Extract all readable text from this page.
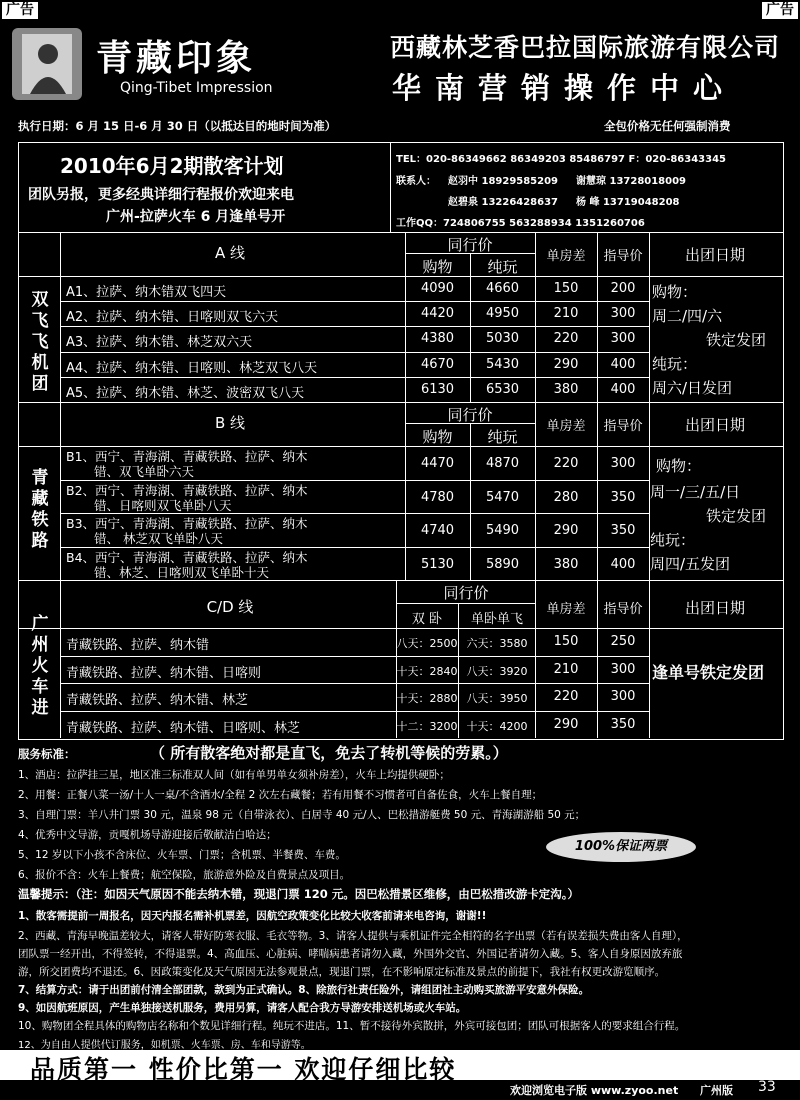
广告	广告
青藏印象
Qing-Tibet Impression
西藏林芝香巴拉国际旅游有限公司
华南营销操作中心
执行日期：6 月 15 日-6 月 30 日（以抵达目的地时间为准）	全包价格无任何强制消费
2010年6月2期散客计划
团队另报，更多经典详细行程报价欢迎来电
广州-拉萨火车 6 月逢单号开
TEL：020-86349662 86349203 85486797 F：020-86343345
联系人： 赵羽中 18929585209 谢慧琼 13728018009
赵碧泉 13226428637 杨 峰 13719048208
工作QQ：724806755 563288934 1351260706
A 线	同行价
购物	纯玩
单房差	指导价	出团日期
双飞飞机团
A1、拉萨、纳木错双飞四天	4090	4660	150	200
A2、拉萨、纳木错、日喀则双飞六天	4420	4950	210	300
A3、拉萨、纳木错、林芝双六天	4380	5030	220	300
A4、拉萨、纳木错、日喀则、林芝双飞八天	4670	5430	290	400
A5、拉萨、纳木错、林芝、波密双飞八天	6130	6530	380	400
购物：
周二/四/六
铁定发团
纯玩：
周六/日发团
B 线	同行价
购物	纯玩
单房差	指导价	出团日期
青藏铁路
B1、西宁、青海湖、青藏铁路、拉萨、纳木
错、双飞单卧六天
4470	4870	220	300
B2、西宁、青海湖、青藏铁路、拉萨、纳木
错、日喀则双飞单卧八天
4780	5470	280	350
B3、西宁、青海湖、青藏铁路、拉萨、纳木
错、 林芝双飞单卧八天
4740	5490	290	350
B4、西宁、青海湖、青藏铁路、拉萨、纳木
错、林芝、日喀则双飞单卧十天
5130	5890	380	400
购物：
周一/三/五/日
铁定发团
纯玩：
周四/五发团
C/D 线
同行价
双 卧	单卧单飞
单房差	指导价	出团日期
广州火车进
青藏铁路、拉萨、纳木错	八天：2500 六天：3580	150	250
青藏铁路、拉萨、纳木错、日喀则	十天：2840 八天：3920	210	300
青藏铁路、拉萨、纳木错、林芝	十天：2880 八天：3950	220	300
青藏铁路、拉萨、纳木错、日喀则、林芝	十二：3200 十天：4200	290	350
逢单号铁定发团
服务标准：	（ 所有散客绝对都是直飞，免去了转机等候的劳累。）
1、酒店：拉萨挂三星，地区准三标准双人间（如有单男单女须补房差），火车上均提供硬卧；
2、用餐：正餐八菜一汤/十人一桌/不含酒水/全程 2 次左右藏餐；若有用餐不习惯者可自备佐食，火车上餐自理；
3、自理门票：羊八井门票 30 元，温泉 98 元（自带泳衣）、白居寺 40 元/人、巴松措游艇费 50 元、青海湖游船 50 元；
4、优秀中文导游，贡嘎机场导游迎接后敬献洁白哈达；
5、12 岁以下小孩不含床位、火车票、门票；含机票、半餐费、车费。
6、报价不含：火车上餐费；航空保险，旅游意外险及自费景点及项目。
100%保证两票
温馨提示：（注：如因天气原因不能去纳木错，现退门票 120 元。因巴松措景区维修，由巴松措改游卡定沟。）
1、散客需提前一周报名，因天内报名需补机票差，因航空政策变化比较大收客前请来电咨询，谢谢!!
2、西藏、青海早晚温差较大，请客人带好防寒衣服、毛衣等物。3、请客人提供与乘机证件完全相符的名字出票（若有误差损失费由客人自理），
团队票一经开出，不得签转，不得退票。4、高血压、心脏病、哮喘病患者请勿入藏，外国外交官、外国记者请勿入藏。5、客人自身原因放弃旅
游，所交团费均不退还。6、因政策变化及天气原因无法参观景点，现退门票，在不影响原定标准及景点的前提下，我社有权更改游览顺序。
7、结算方式：请于出团前付清全部团款，款到为正式确认。8、除旅行社责任险外，请组团社主动购买旅游平安意外保险。
9、如因航班原因，产生单独接送机服务，费用另算，请客人配合我方导游安排送机场或火车站。
10、购物团全程具体的购物店名称和个数见详细行程。纯玩不进店。11、暂不接待外宾散拼，外宾可接包团；团队可根据客人的要求组合行程。
品质第一 性价比第一 欢迎仔细比较
12、为自由人提供代订服务，如机票、火车票、房、车和导游等。
欢迎浏览电子版 www.zyoo.net 广州版 33
